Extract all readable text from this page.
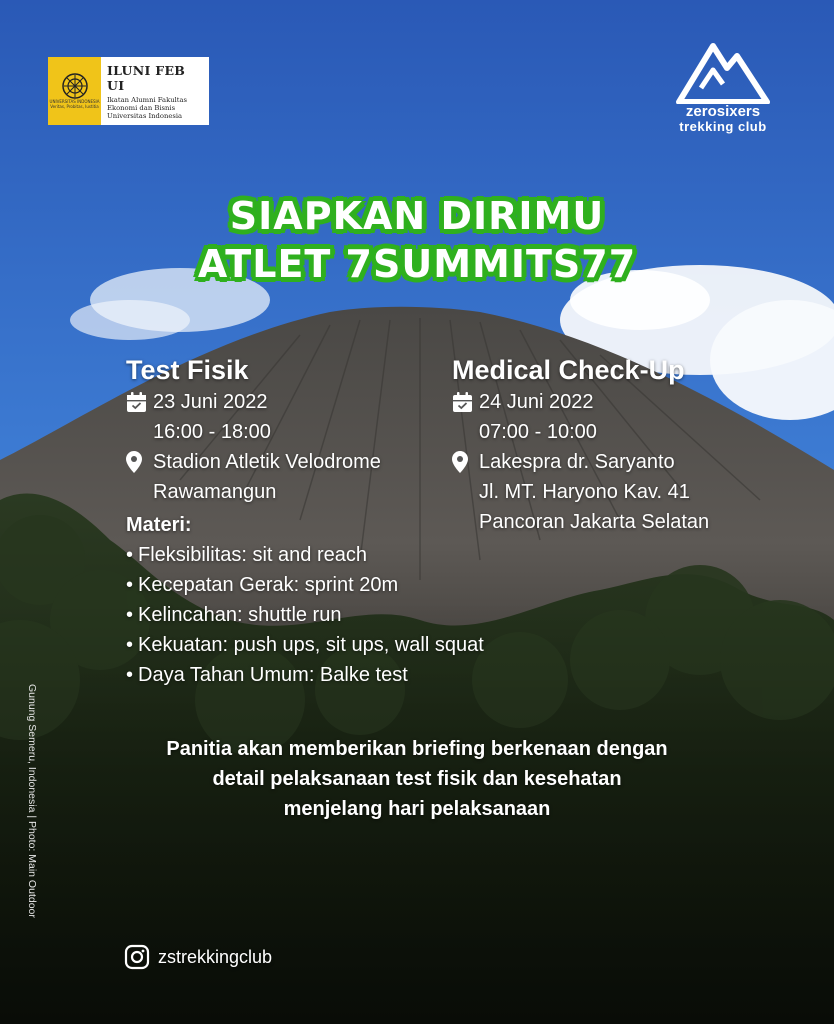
UNIVERSITAS INDONESIA
Veritas, Probitas, Iustitia
ILUNI FEB UI
Ikatan Alumni Fakultas
Ekonomi dan Bisnis
Universitas Indonesia	zerosixers
trekking club
SIAPKAN DIRIMU
ATLET 7SUMMITS77
Test Fisik
23 Juni 2022
16:00 - 18:00
Stadion Atletik Velodrome
Rawamangun
Medical Check-Up
24 Juni 2022
07:00 - 10:00
Lakespra dr. Saryanto
Jl. MT. Haryono Kav. 41
Pancoran Jakarta Selatan
Materi:
• Fleksibilitas: sit and reach
• Kecepatan Gerak: sprint 20m
• Kelincahan: shuttle run
• Kekuatan: push ups, sit ups, wall squat
• Daya Tahan Umum: Balke test
Panitia akan memberikan briefing berkenaan dengan
detail pelaksanaan test fisik dan kesehatan
menjelang hari pelaksanaan
Gunung Semeru, Indonesia | Photo: Main Outdoor
zstrekkingclub
